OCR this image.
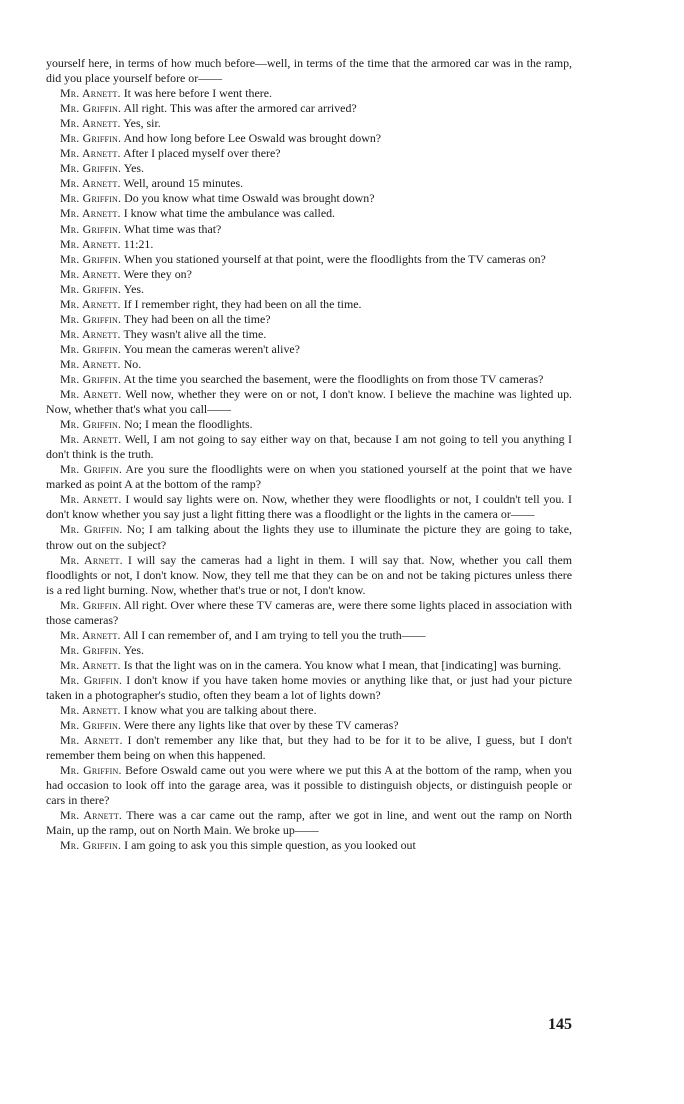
yourself here, in terms of how much before—well, in terms of the time that the armored car was in the ramp, did you place yourself before or——

Mr. Arnett. It was here before I went there.

Mr. Griffin. All right. This was after the armored car arrived?

Mr. Arnett. Yes, sir.

Mr. Griffin. And how long before Lee Oswald was brought down?

Mr. Arnett. After I placed myself over there?

Mr. Griffin. Yes.

Mr. Arnett. Well, around 15 minutes.

Mr. Griffin. Do you know what time Oswald was brought down?

Mr. Arnett. I know what time the ambulance was called.

Mr. Griffin. What time was that?

Mr. Arnett. 11:21.

Mr. Griffin. When you stationed yourself at that point, were the floodlights from the TV cameras on?

Mr. Arnett. Were they on?

Mr. Griffin. Yes.

Mr. Arnett. If I remember right, they had been on all the time.

Mr. Griffin. They had been on all the time?

Mr. Arnett. They wasn't alive all the time.

Mr. Griffin. You mean the cameras weren't alive?

Mr. Arnett. No.

Mr. Griffin. At the time you searched the basement, were the floodlights on from those TV cameras?

Mr. Arnett. Well now, whether they were on or not, I don't know. I believe the machine was lighted up. Now, whether that's what you call——

Mr. Griffin. No; I mean the floodlights.

Mr. Arnett. Well, I am not going to say either way on that, because I am not going to tell you anything I don't think is the truth.

Mr. Griffin. Are you sure the floodlights were on when you stationed yourself at the point that we have marked as point A at the bottom of the ramp?

Mr. Arnett. I would say lights were on. Now, whether they were floodlights or not, I couldn't tell you. I don't know whether you say just a light fitting there was a floodlight or the lights in the camera or——

Mr. Griffin. No; I am talking about the lights they use to illuminate the picture they are going to take, throw out on the subject?

Mr. Arnett. I will say the cameras had a light in them. I will say that. Now, whether you call them floodlights or not, I don't know. Now, they tell me that they can be on and not be taking pictures unless there is a red light burning. Now, whether that's true or not, I don't know.

Mr. Griffin. All right. Over where these TV cameras are, were there some lights placed in association with those cameras?

Mr. Arnett. All I can remember of, and I am trying to tell you the truth——

Mr. Griffin. Yes.

Mr. Arnett. Is that the light was on in the camera. You know what I mean, that [indicating] was burning.

Mr. Griffin. I don't know if you have taken home movies or anything like that, or just had your picture taken in a photographer's studio, often they beam a lot of lights down?

Mr. Arnett. I know what you are talking about there.

Mr. Griffin. Were there any lights like that over by these TV cameras?

Mr. Arnett. I don't remember any like that, but they had to be for it to be alive, I guess, but I don't remember them being on when this happened.

Mr. Griffin. Before Oswald came out you were where we put this A at the bottom of the ramp, when you had occasion to look off into the garage area, was it possible to distinguish objects, or distinguish people or cars in there?

Mr. Arnett. There was a car came out the ramp, after we got in line, and went out the ramp on North Main, up the ramp, out on North Main. We broke up——

Mr. Griffin. I am going to ask you this simple question, as you looked out

145
